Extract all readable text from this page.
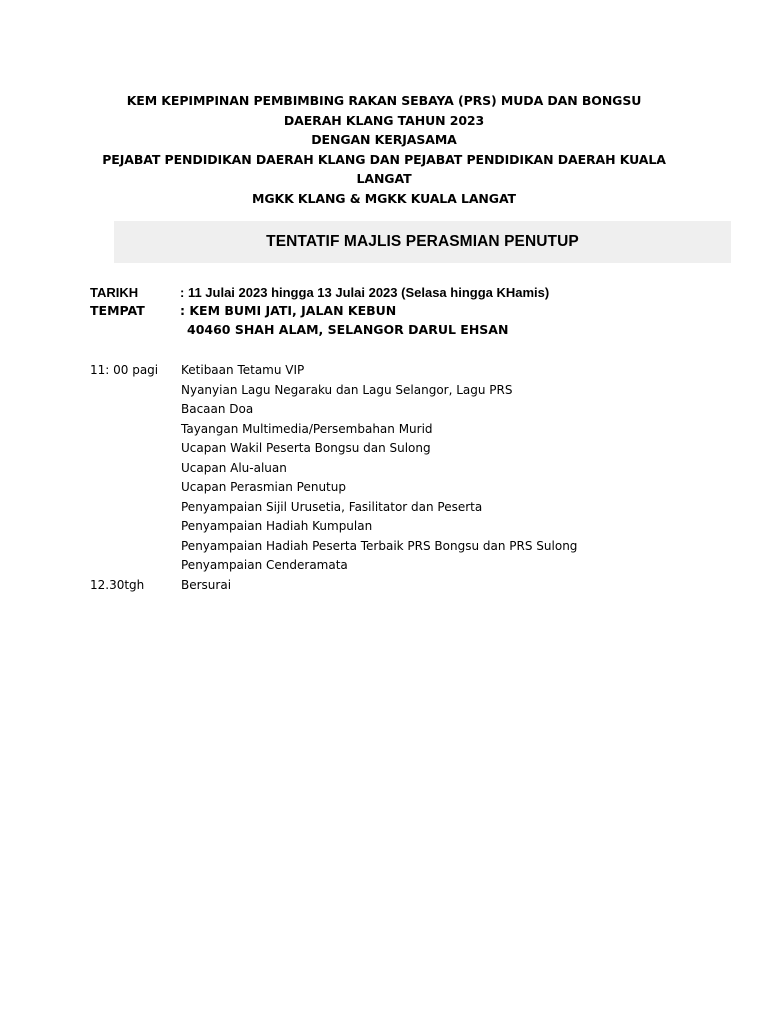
KEM KEPIMPINAN PEMBIMBING RAKAN SEBAYA (PRS) MUDA DAN BONGSU
DAERAH KLANG TAHUN 2023
DENGAN KERJASAMA
PEJABAT PENDIDIKAN DAERAH KLANG DAN PEJABAT PENDIDIKAN DAERAH KUALA
LANGAT
MGKK KLANG & MGKK KUALA LANGAT
TENTATIF MAJLIS PERASMIAN PENUTUP
TARIKH	: 11 Julai 2023 hingga 13 Julai 2023 (Selasa hingga KHamis)
TEMPAT	: KEM BUMI JATI, JALAN KEBUN
40460 SHAH ALAM, SELANGOR DARUL EHSAN
11: 00 pagi
12.30tgh
Ketibaan Tetamu VIP
Nyanyian Lagu Negaraku dan Lagu Selangor, Lagu PRS
Bacaan Doa
Tayangan Multimedia/Persembahan Murid
Ucapan Wakil Peserta Bongsu dan Sulong
Ucapan Alu-aluan
Ucapan Perasmian Penutup
Penyampaian Sijil Urusetia, Fasilitator dan Peserta
Penyampaian Hadiah Kumpulan
Penyampaian Hadiah Peserta Terbaik PRS Bongsu dan PRS Sulong
Penyampaian Cenderamata
Bersurai
